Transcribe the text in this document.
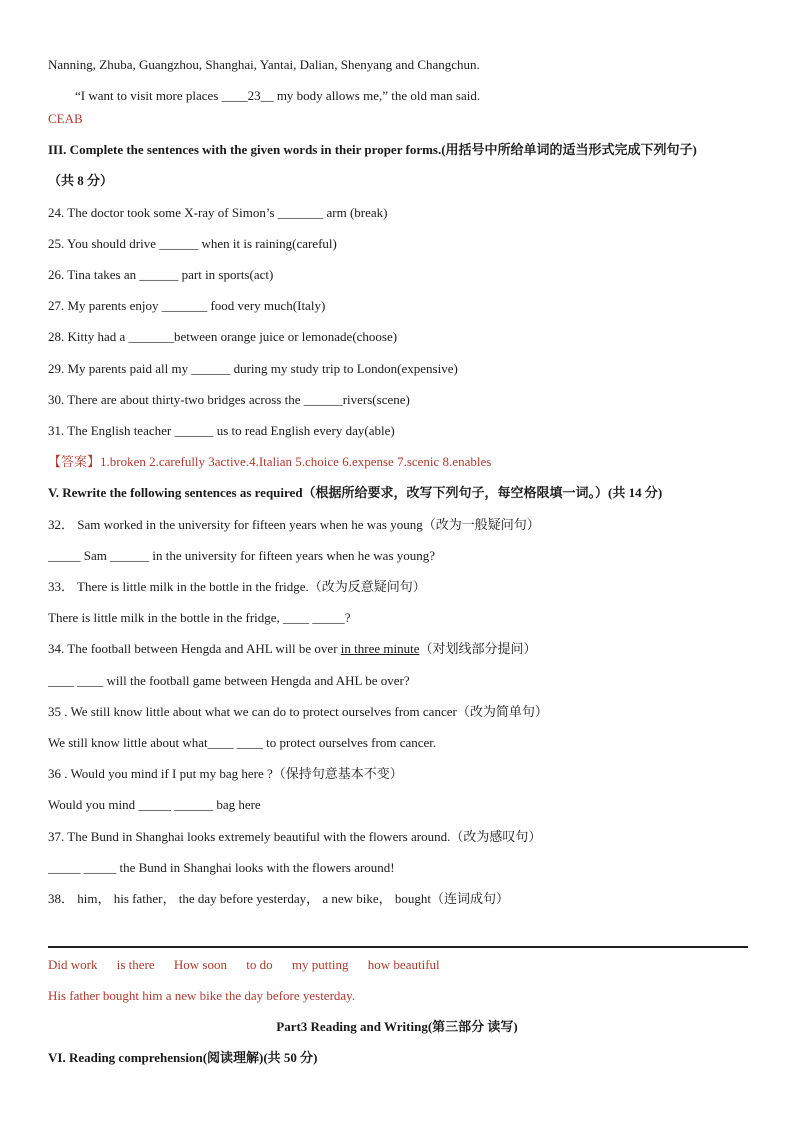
Nanning, Zhuba, Guangzhou, Shanghai, Yantai, Dalian, Shenyang and Changchun.
“I want to visit more places ____23__ my body allows me,” the old man said.
CEAB
III. Complete the sentences with the given words in their proper forms.(用括号中所给单词的适当形式完成下列句子)
（共 8 分）
24. The doctor took some X-ray of Simon’s _______ arm (break)
25. You should drive ______ when it is raining(careful)
26. Tina takes an ______ part in sports(act)
27. My parents enjoy _______ food very much(Italy)
28. Kitty had a _______between orange juice or lemonade(choose)
29. My parents paid all my ______ during my study trip to London(expensive)
30. There are about thirty-two bridges across the ______rivers(scene)
31. The English teacher ______ us to read English every day(able)
【答案】1.broken 2.carefully 3active.4.Italian 5.choice 6.expense 7.scenic 8.enables
V. Rewrite the following sentences as required（根据所给要求，改写下列句子，每空格限填一词。）(共 14 分)
32． Sam worked in the university for fifteen years when he was young（改为一般疑问句）
_____ Sam ______ in the university for fifteen years when he was young?
33． There is little milk in the bottle in the fridge.（改为反意疑问句）
There is little milk in the bottle in the fridge, ____ _____?
34. The football between Hengda and AHL will be over in three minute（对划线部分提问）
____ ____ will the football game between Hengda and AHL be over?
35 . We still know little about what we can do to protect ourselves from cancer（改为简单句）
We still know little about what____ ____ to protect ourselves from cancer.
36 . Would you mind if I put my bag here ?（保持句意基本不变）
Would you mind _____ ______ bag here
37. The Bund in Shanghai looks extremely beautiful with the flowers around.（改为感叹句）
_____ _____ the Bund in Shanghai looks with the flowers around!
38． him， his father， the day before yesterday， a new bike， bought（连词成句）
Did work is there How soon to do my putting how beautiful
His father bought him a new bike the day before yesterday.
Part3 Reading and Writing(第三部分 读写)
VI. Reading comprehension(阅读理解)(共 50 分)
